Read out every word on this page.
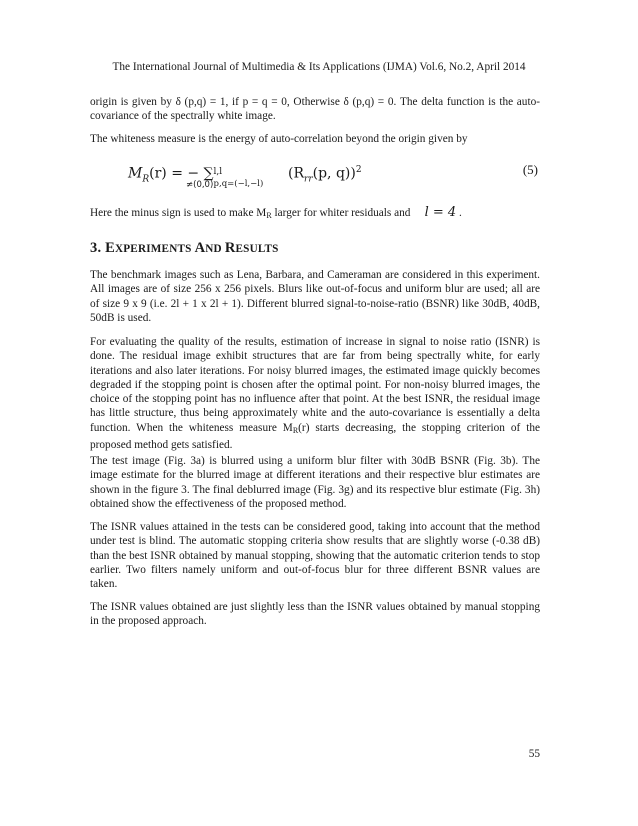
The International Journal of Multimedia & Its Applications (IJMA) Vol.6, No.2, April 2014

origin is given by δ (p,q) = 1, if p = q = 0, Otherwise δ (p,q) = 0. The delta function is the auto-covariance of the spectrally white image.

The whiteness measure is the energy of auto-correlation beyond the origin given by

$M_R(r)$ = − ∑ l,l
p,q=(−l,−l)
($R_{rr}(p$, q))$^2$
≠(0,0)
(5)

Here the minus sign is used to make MR larger for whiter residuals and l = 4 .

3. EXPERIMENTS AND RESULTS

The benchmark images such as Lena, Barbara, and Cameraman are considered in this experiment. All images are of size 256 x 256 pixels. Blurs like out-of-focus and uniform blur are used; all are of size 9 x 9 (i.e. 2l + 1 x 2l + 1). Different blurred signal-to-noise-ratio (BSNR) like 30dB, 40dB, 50dB is used.

For evaluating the quality of the results, estimation of increase in signal to noise ratio (ISNR) is done. The residual image exhibit structures that are far from being spectrally white, for early iterations and also later iterations. For noisy blurred images, the estimated image quickly becomes degraded if the stopping point is chosen after the optimal point. For non-noisy blurred images, the choice of the stopping point has no influence after that point. At the best ISNR, the residual image has little structure, thus being approximately white and the auto-covariance is essentially a delta function. When the whiteness measure MR(r) starts decreasing, the stopping criterion of the proposed method gets satisfied.

The test image (Fig. 3a) is blurred using a uniform blur filter with 30dB BSNR (Fig. 3b). The image estimate for the blurred image at different iterations and their respective blur estimates are shown in the figure 3. The final deblurred image (Fig. 3g) and its respective blur estimate (Fig. 3h) obtained show the effectiveness of the proposed method.

The ISNR values attained in the tests can be considered good, taking into account that the method under test is blind. The automatic stopping criteria show results that are slightly worse (-0.38 dB) than the best ISNR obtained by manual stopping, showing that the automatic criterion tends to stop earlier. Two filters namely uniform and out-of-focus blur for three different BSNR values are taken.

The ISNR values obtained are just slightly less than the ISNR values obtained by manual stopping in the proposed approach.

55
